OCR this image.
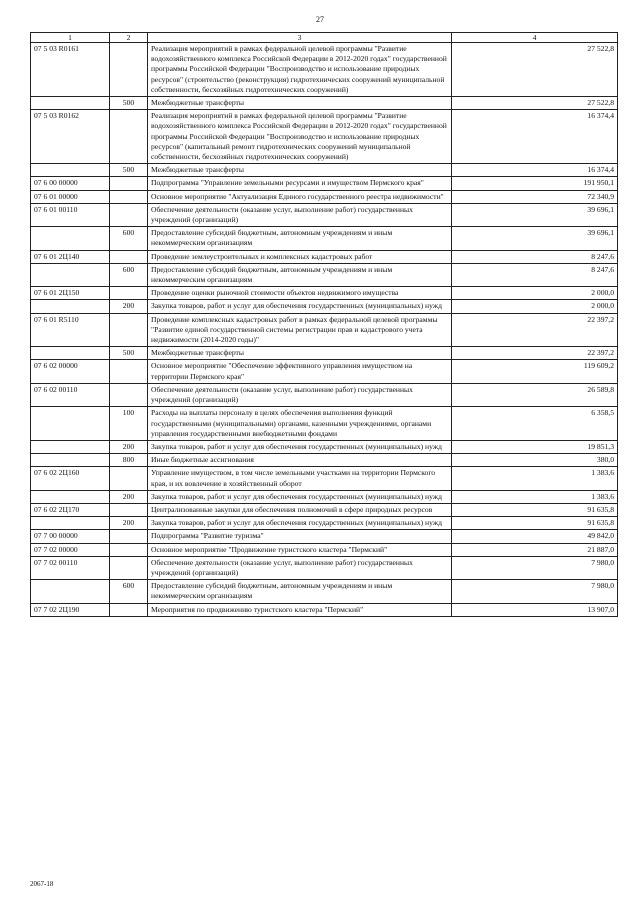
27
1	2	3	4
07 5 03 R0161		Реализация мероприятий в рамках федеральной целевой программы "Развитие водохозяйственного комплекса Российской Федерации в 2012-2020 годах" государственной программы Российской Федерации "Воспроизводство и использование природных ресурсов" (строительство (реконструкция) гидротехнических сооружений муниципальной собственности, бесхозяйных гидротехнических сооружений)	27 522,8
	500	Межбюджетные трансферты	27 522,8
07 5 03 R0162		Реализация мероприятий в рамках федеральной целевой программы "Развитие водохозяйственного комплекса Российской Федерации в 2012-2020 годах" государственной программы Российской Федерации "Воспроизводство и использование природных ресурсов" (капитальный ремонт гидротехнических сооружений муниципальной собственности, бесхозяйных гидротехнических сооружений)	16 374,4
	500	Межбюджетные трансферты	16 374,4
07 6 00 00000		Подпрограмма "Управление земельными ресурсами и имуществом Пермского края"	191 950,1
07 6 01 00000		Основное мероприятие "Актуализация Единого государственного реестра недвижимости"	72 340,9
07 6 01 00110		Обеспечение деятельности (оказание услуг, выполнение работ) государственных учреждений (организаций)	39 696,1
	600	Предоставление субсидий бюджетным, автономным учреждениям и иным некоммерческим организациям	39 696,1
07 6 01 2Ц140		Проведение землеустроительных и комплексных кадастровых работ	8 247,6
	600	Предоставление субсидий бюджетным, автономным учреждениям и иным некоммерческим организациям	8 247,6
07 6 01 2Ц150		Проведение оценки рыночной стоимости объектов недвижимого имущества	2 000,0
	200	Закупка товаров, работ и услуг для обеспечения государственных (муниципальных) нужд	2 000,0
07 6 01 R5110		Проведение комплексных кадастровых работ в рамках федеральной целевой программы "Развитие единой государственной системы регистрации прав и кадастрового учета недвижимости (2014-2020 годы)"	22 397,2
	500	Межбюджетные трансферты	22 397,2
07 6 02 00000		Основное мероприятие "Обеспечение эффективного управления имуществом на территории Пермского края"	119 609,2
07 6 02 00110		Обеспечение деятельности (оказание услуг, выполнение работ) государственных учреждений (организаций)	26 589,8
	100	Расходы на выплаты персоналу в целях обеспечения выполнения функций государственными (муниципальными) органами, казенными учреждениями, органами управления государственными внебюджетными фондами	6 358,5
	200	Закупка товаров, работ и услуг для обеспечения государственных (муниципальных) нужд	19 851,3
	800	Иные бюджетные ассигнования	380,0
07 6 02 2Ц160		Управление имуществом, в том числе земельными участками на территории Пермского края, и их вовлечение в хозяйственный оборот	1 383,6
	200	Закупка товаров, работ и услуг для обеспечения государственных (муниципальных) нужд	1 383,6
07 6 02 2Ц170		Централизованные закупки для обеспечения полномочий в сфере природных ресурсов	91 635,8
	200	Закупка товаров, работ и услуг для обеспечения государственных (муниципальных) нужд	91 635,8
07 7 00 00000		Подпрограмма "Развитие туризма"	49 842,0
07 7 02 00000		Основное мероприятие "Продвижение туристского кластера "Пермский"	21 887,0
07 7 02 00110		Обеспечение деятельности (оказание услуг, выполнение работ) государственных учреждений (организаций)	7 980,0
	600	Предоставление субсидий бюджетным, автономным учреждениям и иным некоммерческим организациям	7 980,0
07 7 02 2Ц190		Мероприятия по продвижению туристского кластера "Пермский"	13 907,0
2067-18
